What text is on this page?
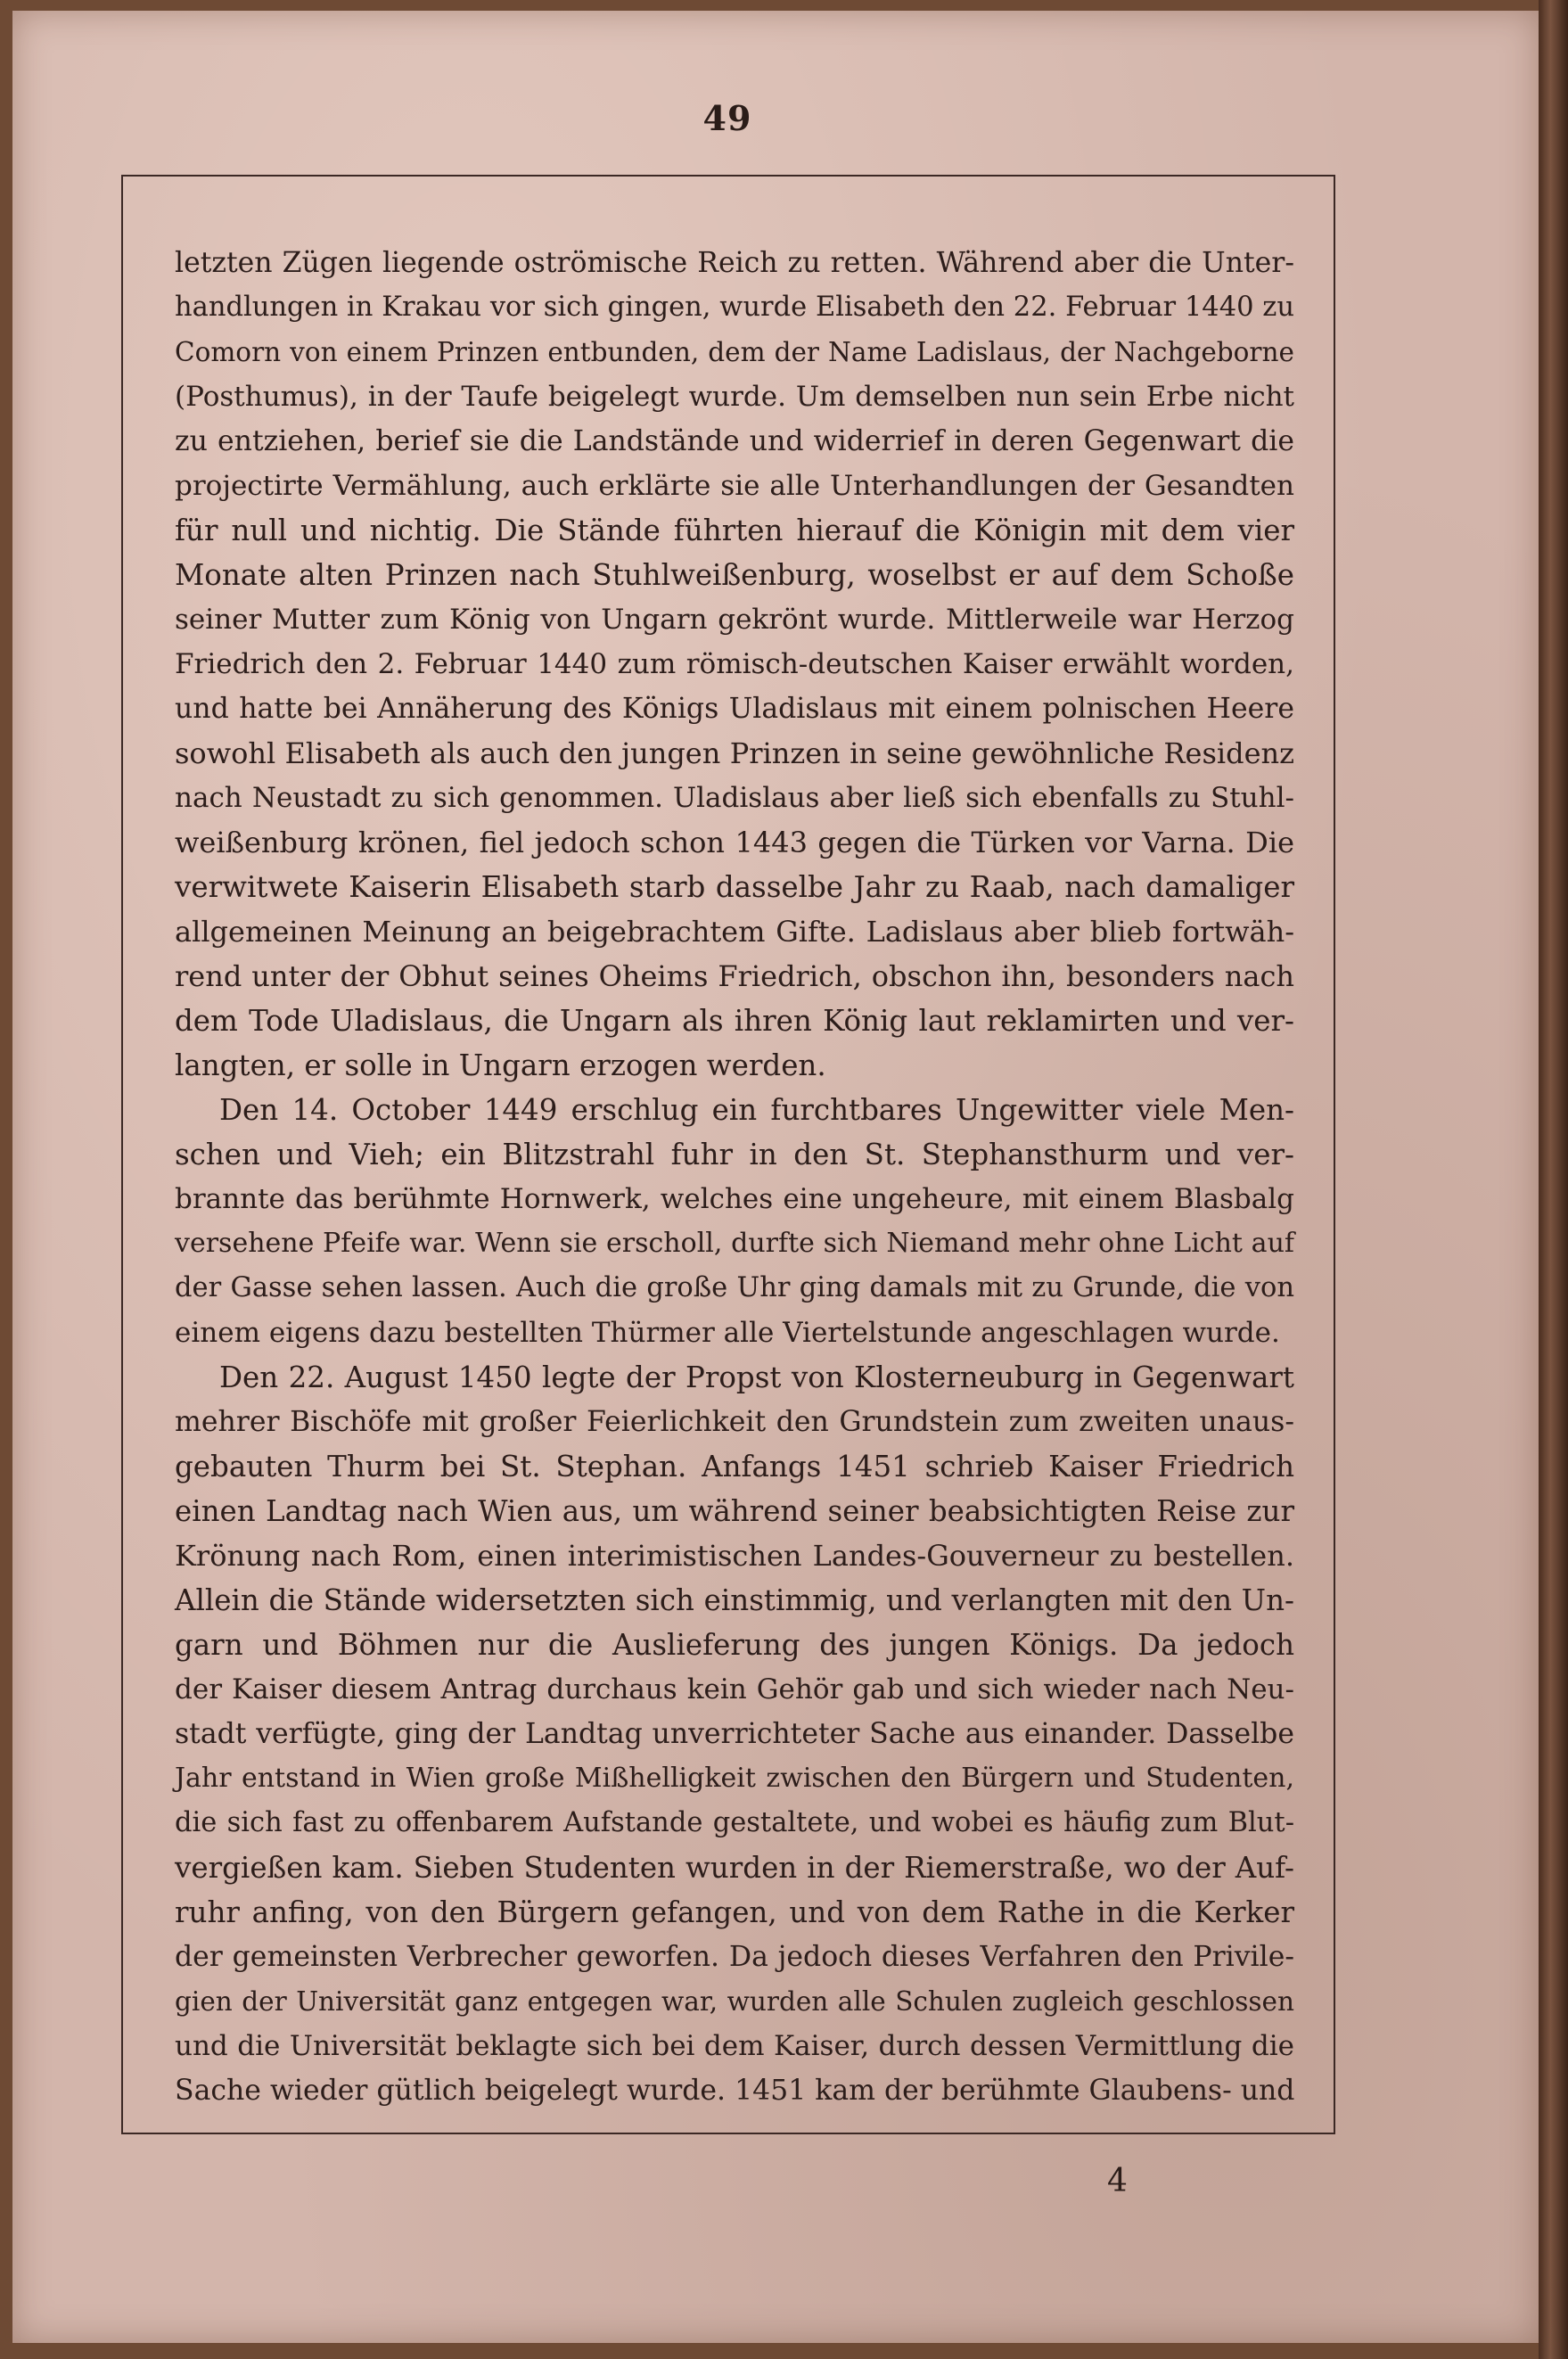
49
letzten Zügen liegende oströmische Reich zu retten. Während aber die Unter-
handlungen in Krakau vor sich gingen, wurde Elisabeth den 22. Februar 1440 zu
Comorn von einem Prinzen entbunden, dem der Name Ladislaus, der Nachgeborne
(Posthumus), in der Taufe beigelegt wurde. Um demselben nun sein Erbe nicht
zu entziehen, berief sie die Landstände und widerrief in deren Gegenwart die
projectirte Vermählung, auch erklärte sie alle Unterhandlungen der Gesandten
für null und nichtig. Die Stände führten hierauf die Königin mit dem vier
Monate alten Prinzen nach Stuhlweißenburg, woselbst er auf dem Schoße
seiner Mutter zum König von Ungarn gekrönt wurde. Mittlerweile war Herzog
Friedrich den 2. Februar 1440 zum römisch-deutschen Kaiser erwählt worden,
und hatte bei Annäherung des Königs Uladislaus mit einem polnischen Heere
sowohl Elisabeth als auch den jungen Prinzen in seine gewöhnliche Residenz
nach Neustadt zu sich genommen. Uladislaus aber ließ sich ebenfalls zu Stuhl-
weißenburg krönen, fiel jedoch schon 1443 gegen die Türken vor Varna. Die
verwitwete Kaiserin Elisabeth starb dasselbe Jahr zu Raab, nach damaliger
allgemeinen Meinung an beigebrachtem Gifte. Ladislaus aber blieb fortwäh-
rend unter der Obhut seines Oheims Friedrich, obschon ihn, besonders nach
dem Tode Uladislaus, die Ungarn als ihren König laut reklamirten und ver-
langten, er solle in Ungarn erzogen werden.
Den 14. October 1449 erschlug ein furchtbares Ungewitter viele Men-
schen und Vieh; ein Blitzstrahl fuhr in den St. Stephansthurm und ver-
brannte das berühmte Hornwerk, welches eine ungeheure, mit einem Blasbalg
versehene Pfeife war. Wenn sie erscholl, durfte sich Niemand mehr ohne Licht auf
der Gasse sehen lassen. Auch die große Uhr ging damals mit zu Grunde, die von
einem eigens dazu bestellten Thürmer alle Viertelstunde angeschlagen wurde.
Den 22. August 1450 legte der Propst von Klosterneuburg in Gegenwart
mehrer Bischöfe mit großer Feierlichkeit den Grundstein zum zweiten unaus-
gebauten Thurm bei St. Stephan. Anfangs 1451 schrieb Kaiser Friedrich
einen Landtag nach Wien aus, um während seiner beabsichtigten Reise zur
Krönung nach Rom, einen interimistischen Landes-Gouverneur zu bestellen.
Allein die Stände widersetzten sich einstimmig, und verlangten mit den Un-
garn und Böhmen nur die Auslieferung des jungen Königs. Da jedoch
der Kaiser diesem Antrag durchaus kein Gehör gab und sich wieder nach Neu-
stadt verfügte, ging der Landtag unverrichteter Sache aus einander. Dasselbe
Jahr entstand in Wien große Mißhelligkeit zwischen den Bürgern und Studenten,
die sich fast zu offenbarem Aufstande gestaltete, und wobei es häufig zum Blut-
vergießen kam. Sieben Studenten wurden in der Riemerstraße, wo der Auf-
ruhr anfing, von den Bürgern gefangen, und von dem Rathe in die Kerker
der gemeinsten Verbrecher geworfen. Da jedoch dieses Verfahren den Privile-
gien der Universität ganz entgegen war, wurden alle Schulen zugleich geschlossen
und die Universität beklagte sich bei dem Kaiser, durch dessen Vermittlung die
Sache wieder gütlich beigelegt wurde. 1451 kam der berühmte Glaubens- und
4
